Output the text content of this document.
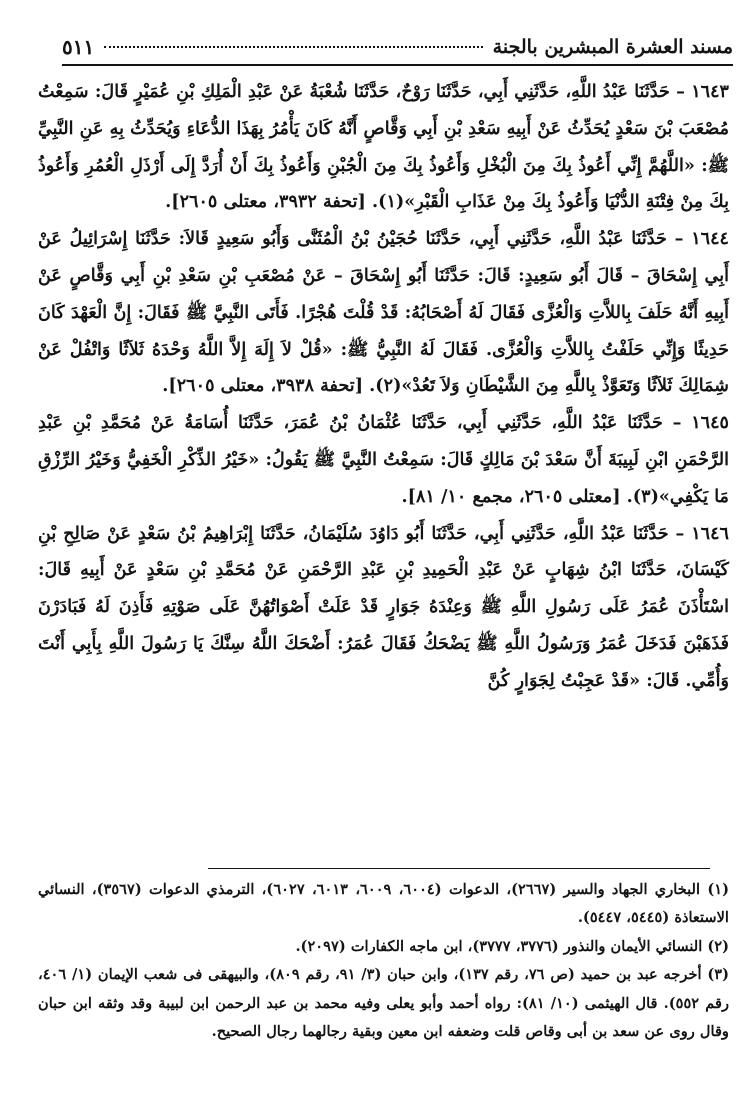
مسند العشرة المبشرين بالجنة
٥١١

١٦٤٣ – حَدَّثَنَا عَبْدُ اللَّهِ، حَدَّثَنِي أَبِي، حَدَّثَنَا رَوْحٌ، حَدَّثَنَا شُعْبَةُ عَنْ عَبْدِ الْمَلِكِ بْنِ عُمَيْرٍ قَالَ: سَمِعْتُ مُصْعَبَ بْنَ سَعْدٍ يُحَدِّثُ عَنْ أَبِيهِ سَعْدِ بْنِ أَبِي وَقَّاصٍ أَنَّهُ كَانَ يَأْمُرُ بِهَذَا الدُّعَاءِ وَيُحَدِّثُ بِهِ عَنِ النَّبِيِّ ﷺ: «اللَّهُمَّ إِنِّي أَعُوذُ بِكَ مِنَ الْبُخْلِ وَأَعُوذُ بِكَ مِنَ الْجُبْنِ وَأَعُوذُ بِكَ أَنْ أُرَدَّ إِلَى أَرْذَلِ الْعُمُرِ وَأَعُوذُ بِكَ مِنْ فِتْنَةِ الدُّنْيَا وَأَعُوذُ بِكَ مِنْ عَذَابِ الْقَبْرِ»(١). [تحفة ٣٩٣٢، معتلى ٢٦٠٥].

١٦٤٤ – حَدَّثَنَا عَبْدُ اللَّهِ، حَدَّثَنِي أَبِي، حَدَّثَنَا حُجَيْنُ بْنُ الْمُثَنَّى وَأَبُو سَعِيدٍ قَالاَ: حَدَّثَنَا إِسْرَائِيلُ عَنْ أَبِي إِسْحَاقَ – قَالَ أَبُو سَعِيدٍ: قَالَ: حَدَّثَنَا أَبُو إِسْحَاقَ – عَنْ مُصْعَبِ بْنِ سَعْدِ بْنِ أَبِي وَقَّاصٍ عَنْ أَبِيهِ أَنَّهُ حَلَفَ بِاللاَّتِ وَالْعُزَّى فَقَالَ لَهُ أَصْحَابُهُ: قَدْ قُلْتَ هُجْرًا. فَأَتَى النَّبِيَّ ﷺ فَقَالَ: إِنَّ الْعَهْدَ كَانَ حَدِيثًا وَإِنِّي حَلَفْتُ بِاللاَّتِ وَالْعُزَّى. فَقَالَ لَهُ النَّبِيُّ ﷺ: «قُلْ لاَ إِلَهَ إِلاَّ اللَّهُ وَحْدَهُ ثَلاَثًا وَاتْفُلْ عَنْ شِمَالِكَ ثَلاَثًا وَتَعَوَّذْ بِاللَّهِ مِنَ الشَّيْطَانِ وَلاَ تَعُدْ»(٢). [تحفة ٣٩٣٨، معتلى ٢٦٠٥].

١٦٤٥ – حَدَّثَنَا عَبْدُ اللَّهِ، حَدَّثَنِي أَبِي، حَدَّثَنَا عُثْمَانُ بْنُ عُمَرَ، حَدَّثَنَا أُسَامَةُ عَنْ مُحَمَّدِ بْنِ عَبْدِ الرَّحْمَنِ ابْنِ لَبِيبَةَ أَنَّ سَعْدَ بْنَ مَالِكٍ قَالَ: سَمِعْتُ النَّبِيَّ ﷺ يَقُولُ: «خَيْرُ الذِّكْرِ الْخَفِيُّ وَخَيْرُ الرِّزْقِ مَا يَكْفِي»(٣). [معتلى ٢٦٠٥، مجمع ١٠/ ٨١].

١٦٤٦ – حَدَّثَنَا عَبْدُ اللَّهِ، حَدَّثَنِي أَبِي، حَدَّثَنَا أَبُو دَاوُدَ سُلَيْمَانُ، حَدَّثَنَا إِبْرَاهِيمُ بْنُ سَعْدٍ عَنْ صَالِحِ بْنِ كَيْسَانَ، حَدَّثَنَا ابْنُ شِهَابٍ عَنْ عَبْدِ الْحَمِيدِ بْنِ عَبْدِ الرَّحْمَنِ عَنْ مُحَمَّدِ بْنِ سَعْدٍ عَنْ أَبِيهِ قَالَ: اسْتَأْذَنَ عُمَرُ عَلَى رَسُولِ اللَّهِ ﷺ وَعِنْدَهُ جَوَارٍ قَدْ عَلَتْ أَصْوَاتُهُنَّ عَلَى صَوْتِهِ فَأَذِنَ لَهُ فَبَادَرْنَ فَذَهَبْنَ فَدَخَلَ عُمَرُ وَرَسُولُ اللَّهِ ﷺ يَضْحَكُ فَقَالَ عُمَرُ: أَضْحَكَ اللَّهُ سِنَّكَ يَا رَسُولَ اللَّهِ بِأَبِي أَنْتَ وَأُمِّي. قَالَ: «قَدْ عَجِبْتُ لِجَوَارٍ كُنَّ

(١) البخاري الجهاد والسير (٢٦٦٧)، الدعوات (٦٠٠٤، ٦٠٠٩، ٦٠١٣، ٦٠٢٧)، الترمذي الدعوات (٣٥٦٧)، النسائي الاستعاذة (٥٤٤٥، ٥٤٤٧).

(٢) النسائي الأيمان والنذور (٣٧٧٦، ٣٧٧٧)، ابن ماجه الكفارات (٢٠٩٧).

(٣) أخرجه عبد بن حميد (ص ٧٦، رقم ١٣٧)، وابن حبان (٣/ ٩١، رقم ٨٠٩)، والبيهقى فى شعب الإيمان (١/ ٤٠٦، رقم ٥٥٢). قال الهيثمى (١٠/ ٨١): رواه أحمد وأبو يعلى وفيه محمد بن عبد الرحمن ابن لبيبة وقد وثقه ابن حبان وقال روى عن سعد بن أبى وقاص قلت وضعفه ابن معين وبقية رجالهما رجال الصحيح.
